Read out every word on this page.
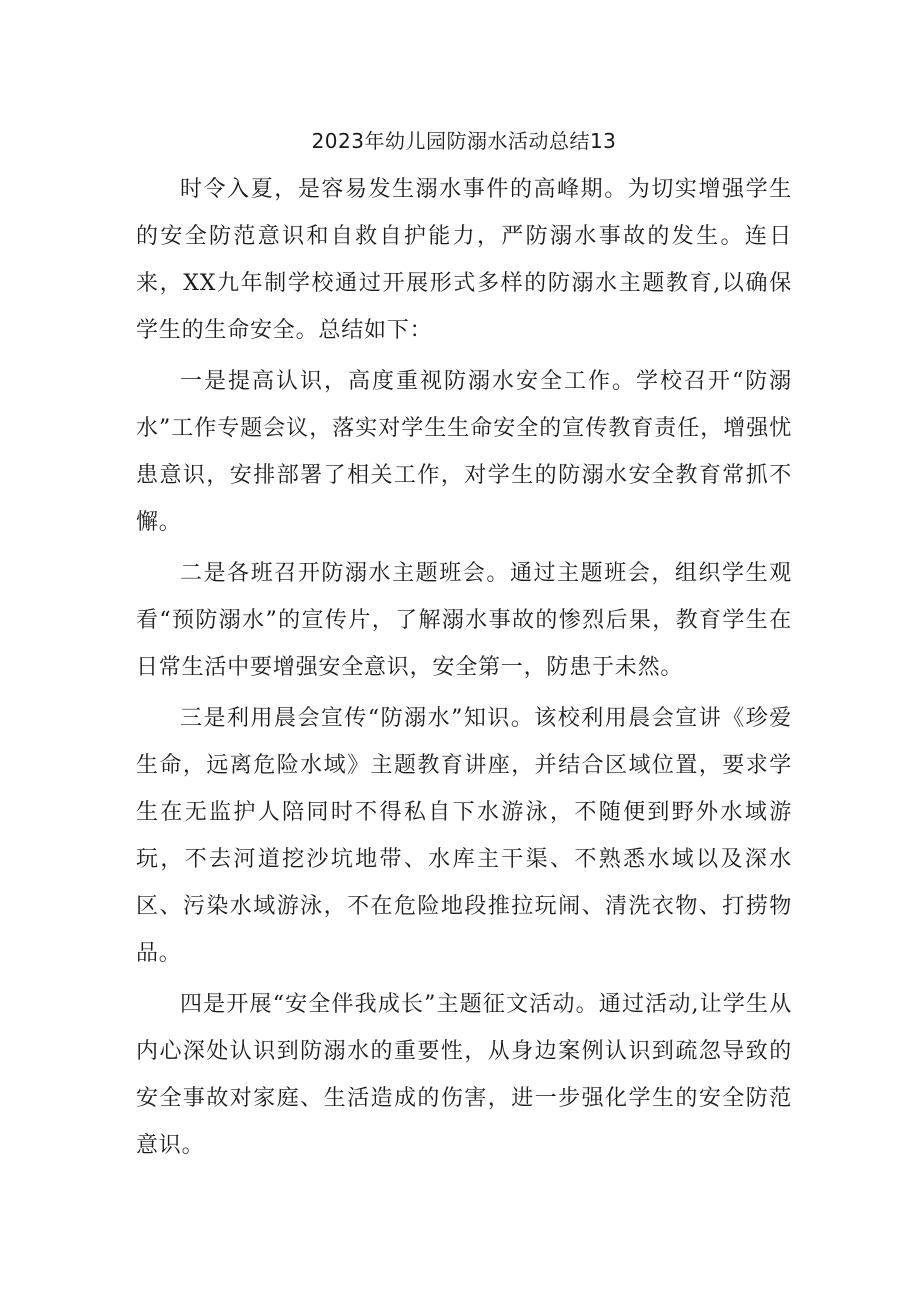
2023年幼儿园防溺水活动总结13

时令入夏，是容易发生溺水事件的高峰期。为切实增强学生的安全防范意识和自救自护能力，严防溺水事故的发生。连日来，XX九年制学校通过开展形式多样的防溺水主题教育,以确保学生的生命安全。总结如下：

一是提高认识，高度重视防溺水安全工作。学校召开“防溺水”工作专题会议，落实对学生生命安全的宣传教育责任，增强忧患意识，安排部署了相关工作，对学生的防溺水安全教育常抓不懈。

二是各班召开防溺水主题班会。通过主题班会，组织学生观看“预防溺水”的宣传片，了解溺水事故的惨烈后果，教育学生在日常生活中要增强安全意识，安全第一，防患于未然。

三是利用晨会宣传“防溺水”知识。该校利用晨会宣讲《珍爱生命，远离危险水域》主题教育讲座，并结合区域位置，要求学生在无监护人陪同时不得私自下水游泳，不随便到野外水域游玩，不去河道挖沙坑地带、水库主干渠、不熟悉水域以及深水区、污染水域游泳，不在危险地段推拉玩闹、清洗衣物、打捞物品。

四是开展“安全伴我成长”主题征文活动。通过活动,让学生从内心深处认识到防溺水的重要性，从身边案例认识到疏忽导致的安全事故对家庭、生活造成的伤害，进一步强化学生的安全防范意识。
